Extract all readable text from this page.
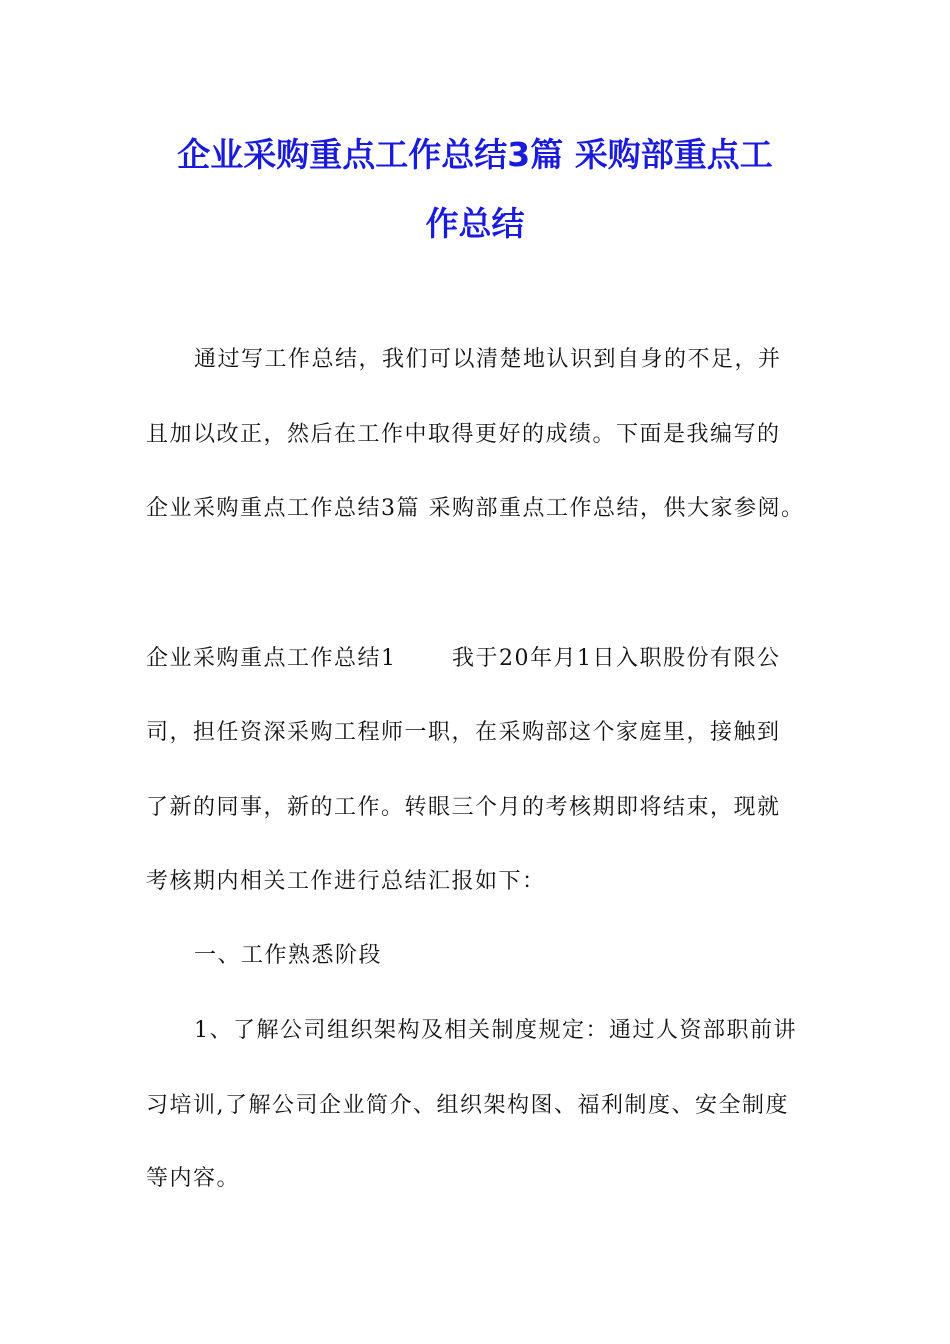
企业采购重点工作总结3篇 采购部重点工
作总结
通过写工作总结，我们可以清楚地认识到自身的不足，并
且加以改正，然后在工作中取得更好的成绩。下面是我编写的
企业采购重点工作总结3篇 采购部重点工作总结，供大家参阅。
企业采购重点工作总结1　　 我于20年月1日入职股份有限公
司，担任资深采购工程师一职，在采购部这个家庭里，接触到
了新的同事，新的工作。转眼三个月的考核期即将结束，现就
考核期内相关工作进行总结汇报如下：
一、工作熟悉阶段
1、了解公司组织架构及相关制度规定：通过人资部职前讲
习培训,了解公司企业简介、组织架构图、福利制度、安全制度
等内容。
